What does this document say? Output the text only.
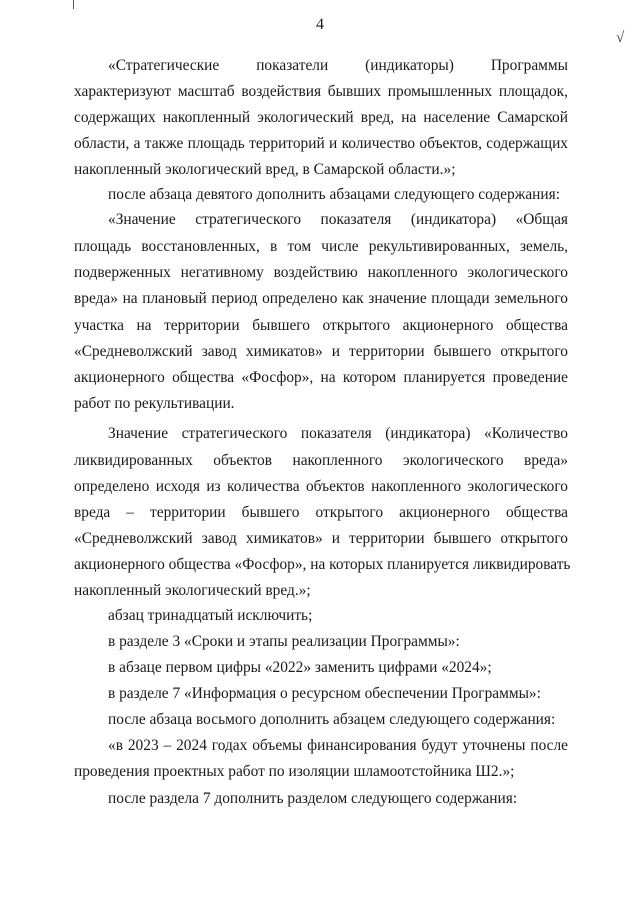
4
√
«Стратегические показатели (индикаторы) Программы
характеризуют масштаб воздействия бывших промышленных площадок,
содержащих накопленный экологический вред, на население Самарской
области, а также площадь территорий и количество объектов, содержащих
накопленный экологический вред, в Самарской области.»;
после абзаца девятого дополнить абзацами следующего содержания:
«Значение стратегического показателя (индикатора) «Общая
площадь восстановленных, в том числе рекультивированных, земель,
подверженных негативному воздействию накопленного экологического
вреда» на плановый период определено как значение площади земельного
участка на территории бывшего открытого акционерного общества
«Средневолжский завод химикатов» и территории бывшего открытого
акционерного общества «Фосфор», на котором планируется проведение
работ по рекультивации.
Значение стратегического показателя (индикатора) «Количество
ликвидированных объектов накопленного экологического вреда»
определено исходя из количества объектов накопленного экологического
вреда – территории бывшего открытого акционерного общества
«Средневолжский завод химикатов» и территории бывшего открытого
акционерного общества «Фосфор», на которых планируется ликвидировать
накопленный экологический вред.»;
абзац тринадцатый исключить;
в разделе 3 «Сроки и этапы реализации Программы»:
в абзаце первом цифры «2022» заменить цифрами «2024»;
в разделе 7 «Информация о ресурсном обеспечении Программы»:
после абзаца восьмого дополнить абзацем следующего содержания:
«в 2023 – 2024 годах объемы финансирования будут уточнены после
проведения проектных работ по изоляции шламоотстойника Ш2.»;
после раздела 7 дополнить разделом следующего содержания:
